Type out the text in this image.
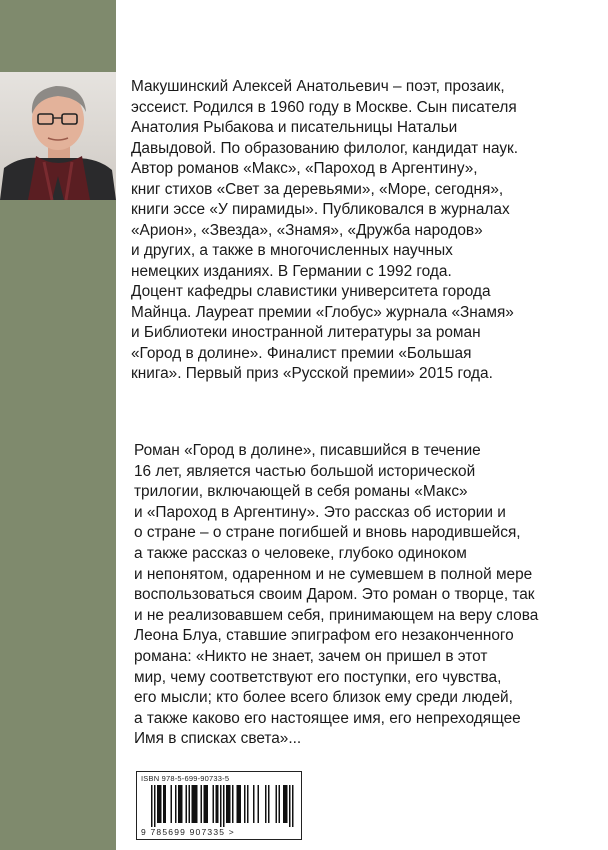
Макушинский Алексей Анатольевич – поэт, прозаик,
эссеист. Родился в 1960 году в Москве. Сын писателя
Анатолия Рыбакова и писательницы Натальи
Давыдовой. По образованию филолог, кандидат наук.
Автор романов «Макс», «Пароход в Аргентину»,
книг стихов «Свет за деревьями», «Море, сегодня»,
книги эссе «У пирамиды». Публиковался в журналах
«Арион», «Звезда», «Знамя», «Дружба народов»
и других, а также в многочисленных научных
немецких изданиях. В Германии с 1992 года.
Доцент кафедры славистики университета города
Майнца. Лауреат премии «Глобус» журнала «Знамя»
и Библиотеки иностранной литературы за роман
«Город в долине». Финалист премии «Большая
книга». Первый приз «Русской премии» 2015 года.
Роман «Город в долине», писавшийся в течение
16 лет, является частью большой исторической
трилогии, включающей в себя романы «Макс»
и «Пароход в Аргентину». Это рассказ об истории и
о стране – о стране погибшей и вновь народившейся,
а также рассказ о человеке, глубоко одиноком
и непонятом, одаренном и не сумевшем в полной мере
воспользоваться своим Даром. Это роман о творце, так
и не реализовавшем себя, принимающем на веру слова
Леона Блуа, ставшие эпиграфом его незаконченного
романа: «Никто не знает, зачем он пришел в этот
мир, чему соответствуют его поступки, его чувства,
его мысли; кто более всего близок ему среди людей,
а также каково его настоящее имя, его непреходящее
Имя в списках света»...
ISBN 978-5-699-90733-5
9 785699 907335 >
